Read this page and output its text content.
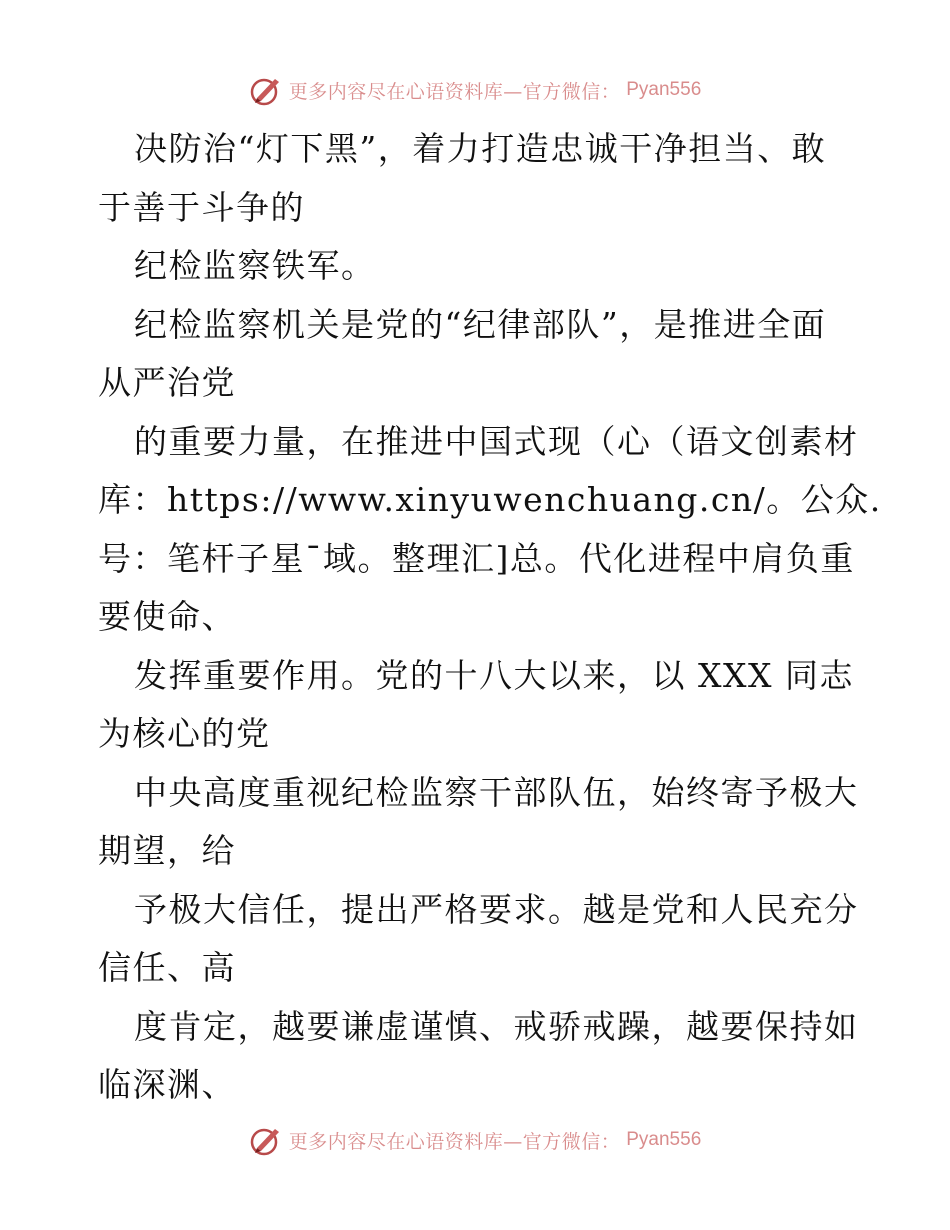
更多内容尽在心语资料库—官方微信： Pyan556
决防治“灯下黑”，着力打造忠诚干净担当、敢
于善于斗争的
纪检监察铁军。
纪检监察机关是党的“纪律部队”，是推进全面
从严治党
的重要力量，在推进中国式现（心（语文创素材
库：https://www.xinyuwenchuang.cn/。公众.
号：笔杆子星¯域。整理汇]总。代化进程中肩负重
要使命、
发挥重要作用。党的十八大以来，以 XXX 同志
为核心的党
中央高度重视纪检监察干部队伍，始终寄予极大
期望，给
予极大信任，提出严格要求。越是党和人民充分
信任、高
度肯定，越要谦虚谨慎、戒骄戒躁，越要保持如
临深渊、
更多内容尽在心语资料库—官方微信： Pyan556
